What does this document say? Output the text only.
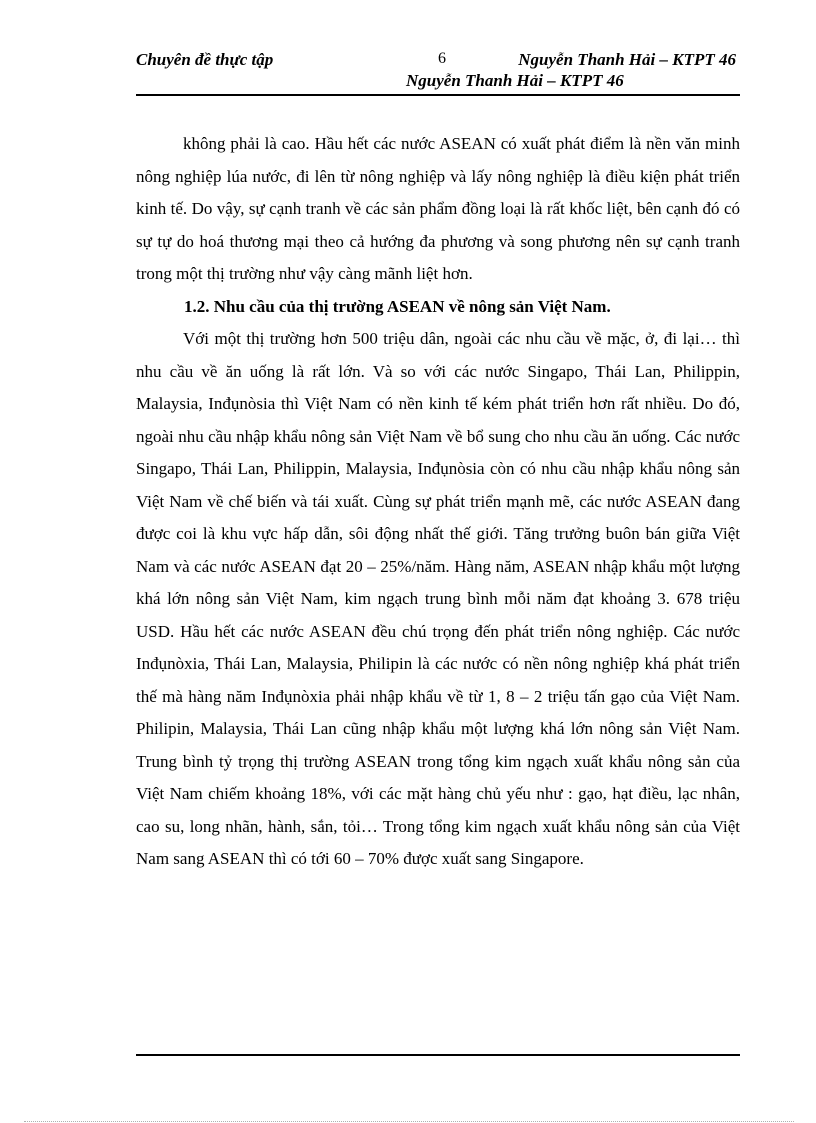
Chuyên đề thực tập	6	Nguyễn Thanh Hải – KTPT 46
Nguyễn Thanh Hải – KTPT 46

không phải là cao. Hầu hết các nước ASEAN có xuất phát điểm là nền văn minh nông nghiệp lúa nước, đi lên từ nông nghiệp và lấy nông nghiệp là điều kiện phát triển kinh tế. Do vậy, sự cạnh tranh về các sản phẩm đồng loại là rất khốc liệt, bên cạnh đó có sự tự do hoá thương mại theo cả hướng đa phương và song phương nên sự cạnh tranh trong một thị trường như vậy càng mãnh liệt hơn.

1.2. Nhu cầu của thị trường ASEAN về nông sản Việt Nam.

Với một thị trường hơn 500 triệu dân, ngoài các nhu cầu về mặc, ở, đi lại… thì nhu cầu về ăn uống là rất lớn. Và so với các nước Singapo, Thái Lan, Philippin, Malaysia, Inđụnòsia thì Việt Nam có nền kinh tế kém phát triển hơn rất nhiều. Do đó, ngoài nhu cầu nhập khẩu nông sản Việt Nam về bổ sung cho nhu cầu ăn uống. Các nước Singapo, Thái Lan, Philippin, Malaysia, Inđụnòsia còn có nhu cầu nhập khẩu nông sản Việt Nam về chế biến và tái xuất. Cùng sự phát triển mạnh mẽ, các nước ASEAN đang được coi là khu vực hấp dẫn, sôi động nhất thế giới. Tăng trưởng buôn bán giữa Việt Nam và các nước ASEAN đạt 20 – 25%/năm. Hàng năm, ASEAN nhập khẩu một lượng khá lớn nông sản Việt Nam, kim ngạch trung bình mỗi năm đạt khoảng 3. 678 triệu USD. Hầu hết các nước ASEAN đều chú trọng đến phát triển nông nghiệp. Các nước Inđụnòxia, Thái Lan, Malaysia, Philipin là các nước có nền nông nghiệp khá phát triển thế mà hàng năm Inđụnòxia phải nhập khẩu về từ 1, 8 – 2 triệu tấn gạo của Việt Nam. Philipin, Malaysia, Thái Lan cũng nhập khẩu một lượng khá lớn nông sản Việt Nam. Trung bình tỷ trọng thị trường ASEAN trong tổng kim ngạch xuất khẩu nông sản của Việt Nam chiếm khoảng 18%, với các mặt hàng chủ yếu như : gạo, hạt điều, lạc nhân, cao su, long nhãn, hành, sắn, tỏi… Trong tổng kim ngạch xuất khẩu nông sản của Việt Nam sang ASEAN thì có tới 60 – 70% được xuất sang Singapore.
